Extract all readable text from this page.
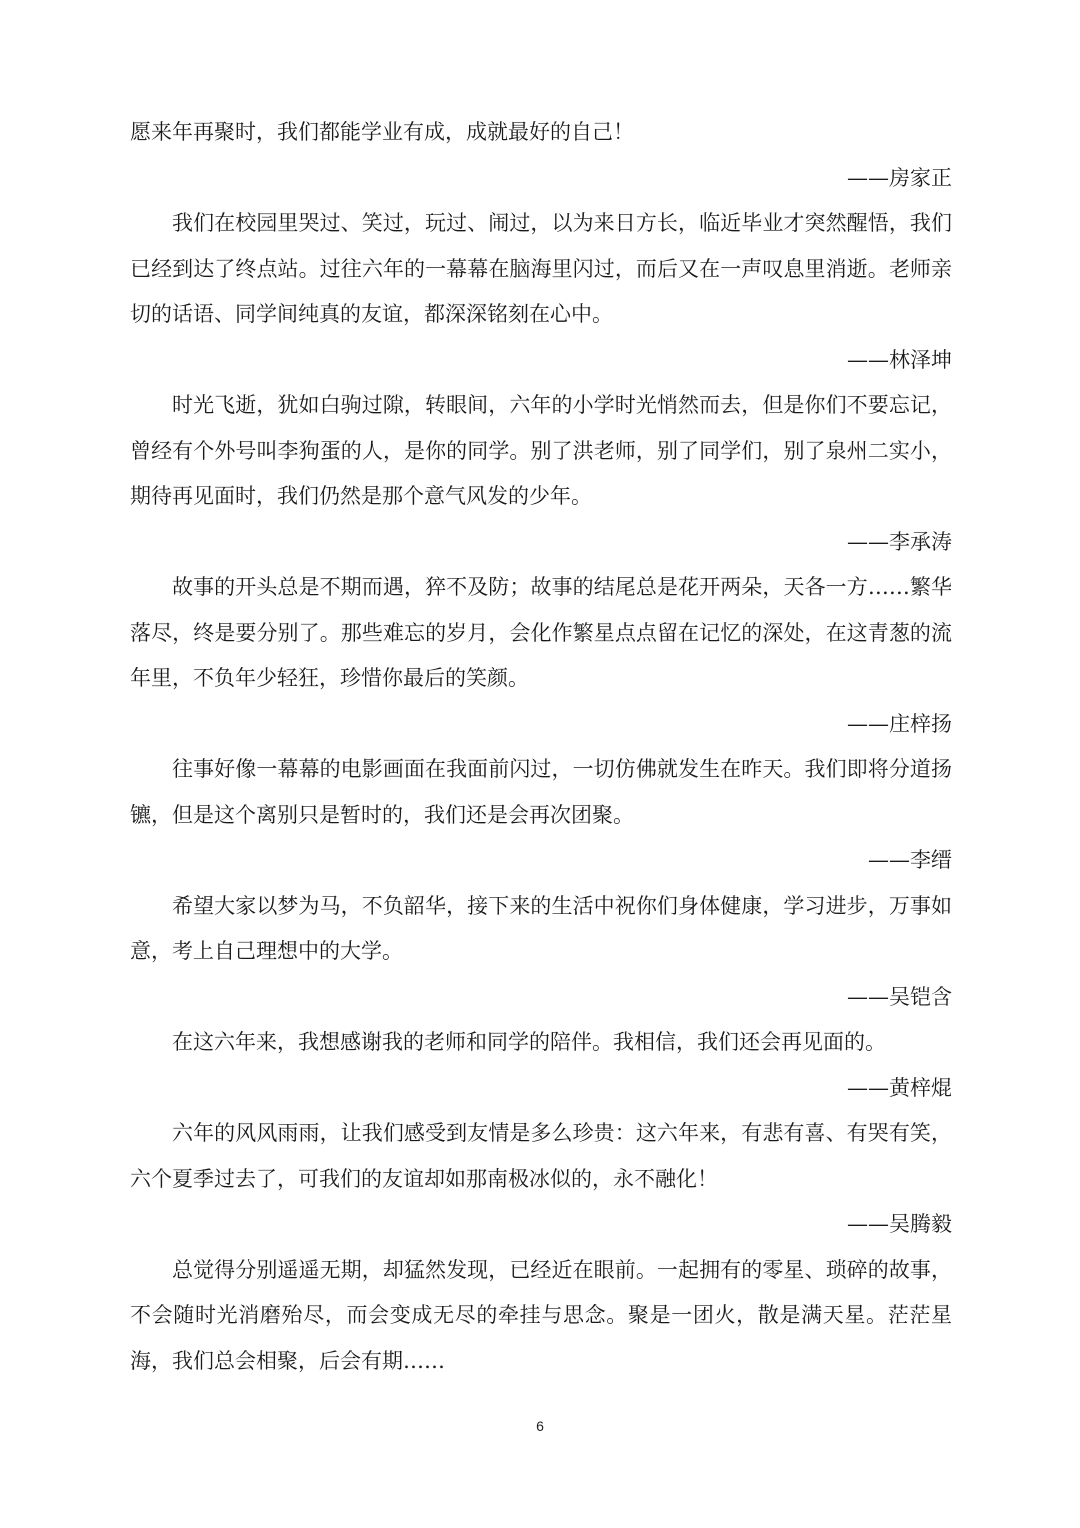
愿来年再聚时，我们都能学业有成，成就最好的自己！

——房家正

我们在校园里哭过、笑过，玩过、闹过，以为来日方长，临近毕业才突然醒悟，我们已经到达了终点站。过往六年的一幕幕在脑海里闪过，而后又在一声叹息里消逝。老师亲切的话语、同学间纯真的友谊，都深深铭刻在心中。

——林泽坤

时光飞逝，犹如白驹过隙，转眼间，六年的小学时光悄然而去，但是你们不要忘记，曾经有个外号叫李狗蛋的人，是你的同学。别了洪老师，别了同学们，别了泉州二实小，期待再见面时，我们仍然是那个意气风发的少年。

——李承涛

故事的开头总是不期而遇，猝不及防；故事的结尾总是花开两朵，天各一方……繁华落尽，终是要分别了。那些难忘的岁月，会化作繁星点点留在记忆的深处，在这青葱的流年里，不负年少轻狂，珍惜你最后的笑颜。

——庄梓扬

往事好像一幕幕的电影画面在我面前闪过，一切仿佛就发生在昨天。我们即将分道扬镳，但是这个离别只是暂时的，我们还是会再次团聚。

——李缙

希望大家以梦为马，不负韶华，接下来的生活中祝你们身体健康，学习进步，万事如意，考上自己理想中的大学。

——吴铠含

在这六年来，我想感谢我的老师和同学的陪伴。我相信，我们还会再见面的。

——黄梓焜

六年的风风雨雨，让我们感受到友情是多么珍贵：这六年来，有悲有喜、有哭有笑，六个夏季过去了，可我们的友谊却如那南极冰似的，永不融化！

——吴腾毅

总觉得分别遥遥无期，却猛然发现，已经近在眼前。一起拥有的零星、琐碎的故事，不会随时光消磨殆尽，而会变成无尽的牵挂与思念。聚是一团火，散是满天星。茫茫星海，我们总会相聚，后会有期……

6
